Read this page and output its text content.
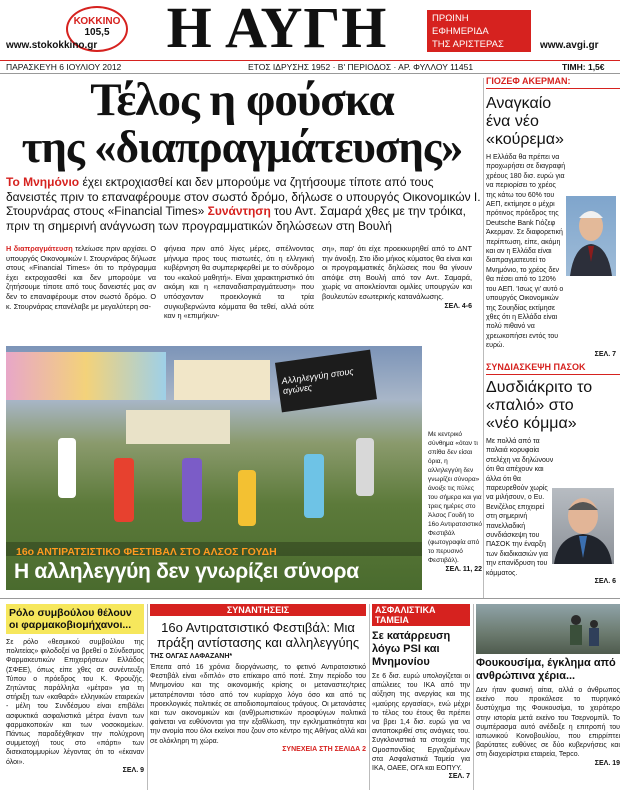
ΚΟΚΚΙΝΟ
105,5
www.stokokkino.gr	Η ΑΥΓΗ	ΠΡΩΙΝΗ
ΕΦΗΜΕΡΙΔΑ
ΤΗΣ ΑΡΙΣΤΕΡΑΣ	www.avgi.gr
ΠΑΡΑΣΚΕΥΗ 6 ΙΟΥΛΙΟΥ 2012	ΕΤΟΣ ΙΔΡΥΣΗΣ 1952 · Β' ΠΕΡΙΟΔΟΣ · ΑΡ. ΦΥΛΛΟΥ 11451	ΤΙΜΗ: 1,5€
Τέλος η φούσκα
της «διαπραγμάτευσης»
Το Μνημόνιο έχει εκτροχιασθεί και δεν μπορούμε να ζητήσουμε τίποτε από τους δανειστές πριν το επαναφέρουμε στον σωστό δρόμο, δήλωσε ο υπουργός Οικονομικών Ι. Στουρνάρας στους «Financial Times» Συνάντηση του Αντ. Σαμαρά χθες με την τρόικα, πριν τη σημερινή ανάγνωση των προγραμματικών δηλώσεων στη Βουλή
Η διαπραγμάτευση τελείωσε πριν αρχίσει. Ο υπουργός Οικονομικών Ι. Στουρνάρας δήλωσε στους «Financial Times» ότι το πρόγραμμα έχει εκτροχιασθεί και δεν μπορούμε να ζητήσουμε τίποτε από τους δανειστές μας αν δεν το επαναφέρουμε στον σωστό δρόμο. Ο κ. Στουρνάρας επανέλαβε με μεγαλύτερη σα-
φήνεια πριν από λίγες μέρες, σπέλνοντας μήνυμα προς τους πιστωτές, ότι η ελληνική κυβέρνηση θα συμπεριφερθεί με το σύνδρομο του «καλού μαθητή». Είναι χαρακτηριστικό ότι ακόμη και η «επαναδιαπραγμάτευση» που υπόσχονταν προεκλογικά τα τρία συγκυβερνώντα κόμματα θα τεθεί, αλλά ούτε καν η «επιμήκυν-
ση», παρ' ότι είχε προεκκυρηθεί από το ΔΝΤ την άνοιξη. Στο ίδιο μήκος κύματος θα είναι και οι προγραμματικές δηλώσεις που θα γίνουν απόψε στη Βουλή από τον Αντ. Σαμαρά, χωρίς να αποκλείονται ομιλίες υπουργών και βουλευτών εσωτερικής κατανάλωσης.
ΣΕΛ. 4-6
Αλληλεγγύη στους αγώνες
16ο ΑΝΤΙΡΑΤΣΙΣΤΙΚΟ ΦΕΣΤΙΒΑΛ ΣΤΟ ΑΛΣΟΣ ΓΟΥΔΗ
Η αλληλεγγύη δεν γνωρίζει σύνορα
Με κεντρικό σύνθημα «όταν τι σπίθα δεν είσαι όρια, η αλληλεγγύη δεν γνωρίζει σύνορα» άνοιξε τις πύλες του σήμερα και για τρεις ημέρες στο Άλσος Γουδή το 16ο Αντιρατσιστικό Φεστιβάλ (φωτογραφία από το περυσινό Φεστιβάλ).
ΣΕΛ. 11, 22
ΓΙΟΖΕΦ ΑΚΕΡΜΑΝ:
Αναγκαίο ένα νέο «κούρεμα»
Η Ελλάδα θα πρέπει να προχωρήσει σε διαγραφή χρέους 180 δισ. ευρώ για να περιορίσει το χρέος της κάτω του 60% του ΑΕΠ, εκτίμησε ο μέχρι πρότινος πρόεδρος της Deutsche Bank Γιόζεφ Άκερμαν. Σε διαφορετική περίπτωση, είπε, ακόμη και αν η Ελλάδα είναι διαπραγματευτεί το Μνημόνιο, το χρέος δεν θα πέσει από το 120% του ΑΕΠ. 'Ισως γι' αυτό ο υπουργός Οικονομικών της Σουηδίας εκτίμησε χθες ότι η Ελλάδα είναι πολύ πιθανό να χρεωκοπήσει εντός του ευρώ.
ΣΕΛ. 7
ΣΥΝΔΙΑΣΚΕΨΗ ΠΑΣΟΚ
Δυσδιάκριτο το «παλιό» στο «νέο κόμμα»
Με πολλά από τα παλαιά κορυφαία στελέχη να δηλώνουν ότι θα απέχουν και άλλα ότι θα παρευρεθούν χωρίς να μιλήσουν, ο Ευ. Βενιζέλος επιχειρεί στη σημερινή πανελλαδική συνδιάσκεψη του ΠΑΣΟΚ την έναρξη των διαδικασιών για την επανίδρυση του κόμματος.
ΣΕΛ. 6
Ρόλο συμβούλου θέλουν οι φαρμακοβιομήχανοι...
Σε ρόλο «θεσμικού συμβούλου της πολιτείας» φιλοδοξεί να βρεθεί ο Σύνδεσμος Φαρμακευτικών Επιχειρήσεων Ελλάδος (ΣΦΕΕ), όπως είπε χθες σε συνέντευξη Τύπου ο πρόεδρος του Κ. Φρουζής. Ζητώντας παράλληλα «μέτρα» για τη στήριξη των «καθαρά» ελληνικών εταιρειών - μέλη του Συνδέσμου είναι επιβάλει ασφυκτικά ασφαλιστικά μέτρα έναντι των φαρμακοποιών και των νοσοκομείων. Πάντως παραδέχθηκαν την πολύχρονη συμμετοχή τους στο «πάρτι» των δισεκατομμυρίων λέγοντας ότι το «έκαναν όλοι».
ΣΕΛ. 9
ΣΥΝΑΝΤΗΣΕΙΣ
16ο Αντιρατσιστικό Φεστιβάλ: Μια πράξη αντίστασης και αλληλεγγύης
ΤΗΣ ΟΛΓΑΣ ΛΑΦΑΖΑΝΗ*
Έπειτα από 16 χρόνια διοργάνωσης, το φετινό Αντιρατσιστικό Φεστιβάλ είναι «διπλό» στο επίκαιρο από ποτέ. Στην περίοδο του Μνημονίου και της οικονομικής κρίσης οι μεταναστες/τριες μετατρέπονται τόσο από τον κυρίαρχο λόγο όσο και από τις προεκλογικές πολιτικές σε αποδιοπομπαίους τράγους. Οι μετανάστες και των οικονομικών και (ανθ)ρωπιστικών προσφύγων πολιτικά φαίνεται να ευθύνονται για την εξαθλίωση, την εγκληματικότητα και την ανομία που όλοι εκείνοι που ζουν στο κέντρο της Αθήνας αλλά και σε ολόκληρη τη χώρα.
ΣΥΝΕΧΕΙΑ ΣΤΗ ΣΕΛΙΔΑ 2
ΑΣΦΑΛΙΣΤΙΚΑ ΤΑΜΕΙΑ
Σε κατάρρευση λόγω PSI και Μνημονίου
Σε 6 δισ. ευρώ υπολογίζεται οι απώλειες του ΙΚΑ από την αύξηση της ανεργίας και της «μαύρης εργασίας», ενώ μέχρι το τέλος του έτους θα πρέπει να βρει 1,4 δισ. ευρώ για να ανταποκριθεί στις ανάγκες του. Συγκλονιστικά τα στοιχεία της Ομοσπονδίας Εργαζομένων στα Ασφαλιστικά Ταμεία για ΙΚΑ, ΟΑΕΕ, ΟΓΑ και ΕΟΠΥΥ.
ΣΕΛ. 7
Φουκουσίμα, έγκλημα από ανθρώπινα χέρια...
Δεν ήταν φυσική αίτια, αλλά ο άνθρωπος εκείνο που προκάλεσε το πυρηνικό δυστύχημα της Φουκουσίμα, το χειρότερο στην ιστορία μετά εκείνο του Τσερνομπίλ. Το συμπέρασμα αυτό ανέδειξε η επιτροπή του ιαπωνικού Κοινοβουλίου, που επιρρίπτει βαρύτατες ευθύνες σε δύο κυβερνήσεις και στη διαχειρίστρια εταιρεία, Tepco.
ΣΕΛ. 19
